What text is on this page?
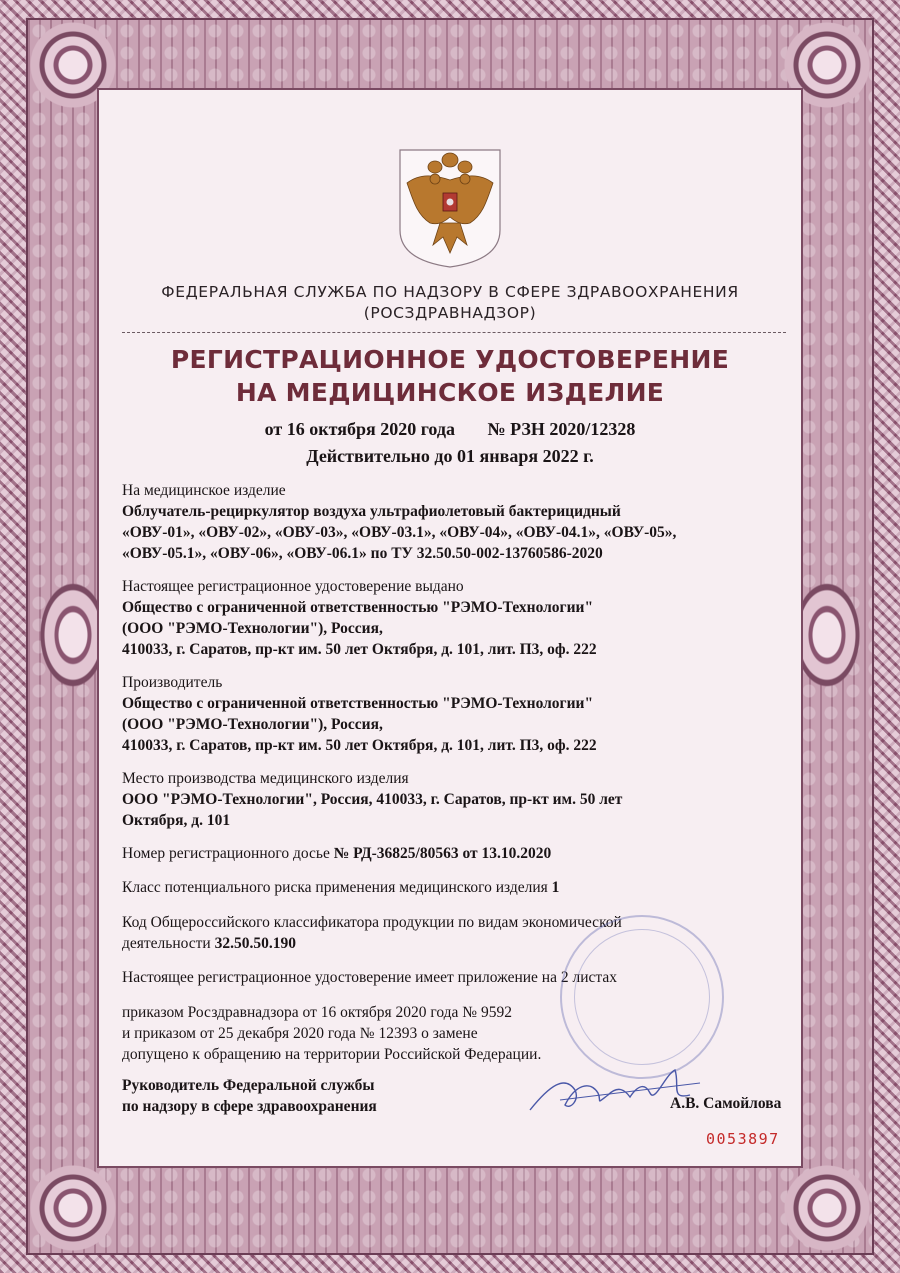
ФЕДЕРАЛЬНАЯ СЛУЖБА ПО НАДЗОРУ В СФЕРЕ ЗДРАВООХРАНЕНИЯ
(РОСЗДРАВНАДЗОР)
РЕГИСТРАЦИОННОЕ УДОСТОВЕРЕНИЕ
НА МЕДИЦИНСКОЕ ИЗДЕЛИЕ
от 16 октября 2020 года № РЗН 2020/12328
Действительно до 01 января 2022 г.
На медицинское изделие
Облучатель-рециркулятор воздуха ультрафиолетовый бактерицидный
«ОВУ-01», «ОВУ-02», «ОВУ-03», «ОВУ-03.1», «ОВУ-04», «ОВУ-04.1», «ОВУ-05»,
«ОВУ-05.1», «ОВУ-06», «ОВУ-06.1» по ТУ 32.50.50-002-13760586-2020
Настоящее регистрационное удостоверение выдано
Общество с ограниченной ответственностью "РЭМО-Технологии"
(ООО "РЭМО-Технологии"), Россия,
410033, г. Саратов, пр-кт им. 50 лет Октября, д. 101, лит. П3, оф. 222
Производитель
Общество с ограниченной ответственностью "РЭМО-Технологии"
(ООО "РЭМО-Технологии"), Россия,
410033, г. Саратов, пр-кт им. 50 лет Октября, д. 101, лит. П3, оф. 222
Место производства медицинского изделия
ООО "РЭМО-Технологии", Россия, 410033, г. Саратов, пр-кт им. 50 лет
Октября, д. 101
Номер регистрационного досье № РД-36825/80563 от 13.10.2020
Класс потенциального риска применения медицинского изделия 1
Код Общероссийского классификатора продукции по видам экономической
деятельности 32.50.50.190
Настоящее регистрационное удостоверение имеет приложение на 2 листах
приказом Росздравнадзора от 16 октября 2020 года № 9592
и приказом от 25 декабря 2020 года № 12393 о замене
допущено к обращению на территории Российской Федерации.
Руководитель Федеральной службы
по надзору в сфере здравоохранения	А.В. Самойлова
0053897
